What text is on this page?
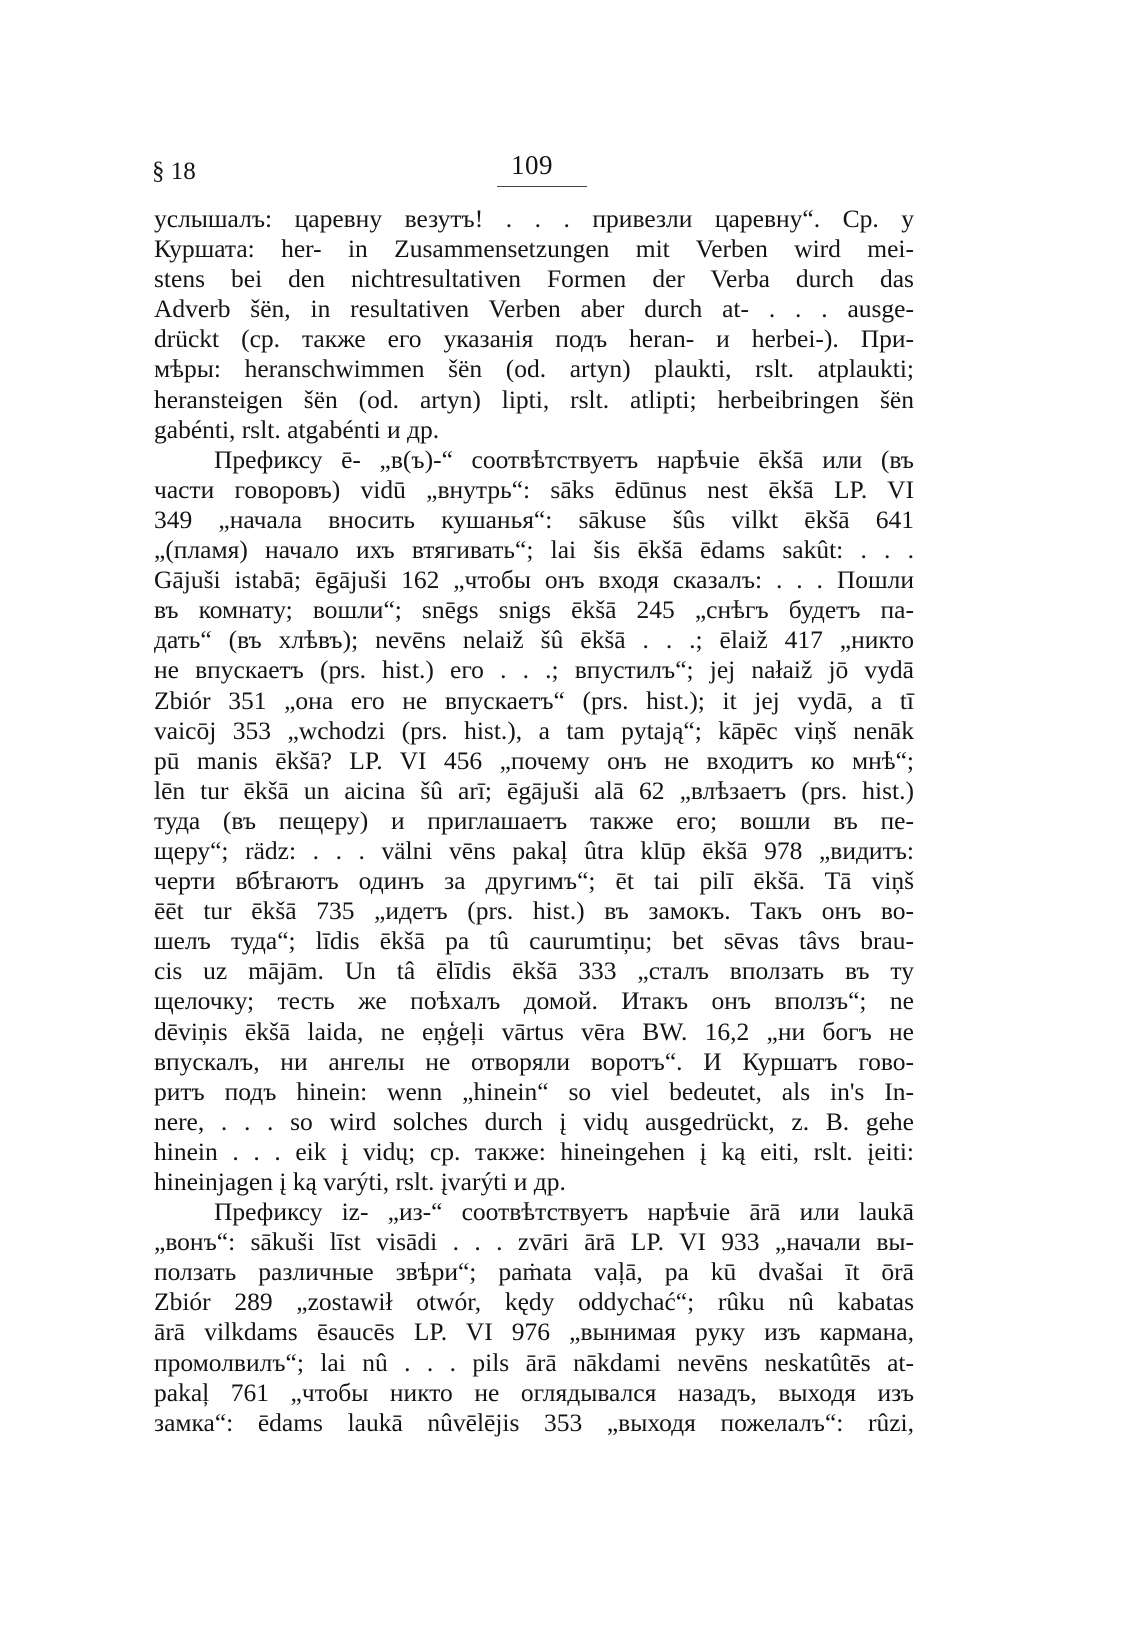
§ 18	109
услышалъ: царевну везутъ! . . . привезли царевну“. Ср. у
Куршата: her- in Zusammensetzungen mit Verben wird mei-
stens bei den nichtresultativen Formen der Verba durch das
Adverb šën, in resultativen Verben aber durch at- . . . ausge-
drückt (ср. также его указанія подъ heran- и herbei-). При-
мѣры: heranschwimmen šën (od. artyn) plaukti, rslt. atplaukti;
heransteigen šën (od. artyn) lipti, rslt. atlipti; herbeibringen šën
gabénti, rslt. atgabénti и др.
Префиксу ē- „в(ъ)-“ соотвѣтствуетъ нарѣчіе ēkšā или (въ
части говоровъ) vidū „внутрь“: sāks ēdūnus nest ēkšā LP. VI
349 „начала вносить кушанья“: sākuse šûs vilkt ēkšā 641
„(пламя) начало ихъ втягивать“; lai šis ēkšā ēdams sakût: . . .
Gājuši istabā; ēgājuši 162 „чтобы онъ входя сказалъ: . . . Пошли
въ комнату; вошли“; snēgs snigs ēkšā 245 „снѣгъ будетъ па-
дать“ (въ хлѣвъ); nevēns nelaiž šû ēkšā . . .; ēlaiž 417 „никто
не впускаетъ (prs. hist.) его . . .; впустилъ“; jej nałaiž jō vydā
Zbiór 351 „она его не впускаетъ“ (prs. hist.); it jej vydā, a tī
vaicōj 353 „wchodzi (prs. hist.), a tam pytają“; kāpēc viņš nenāk
pū manis ēkšā? LP. VI 456 „почему онъ не входитъ ко мнѣ“;
lēn tur ēkšā un aicina šû arī; ēgājuši alā 62 „влѣзаетъ (prs. hist.)
туда (въ пещеру) и приглашаетъ также его; вошли въ пе-
щеру“; rädz: . . . välni vēns pakaļ ûtra klūp ēkšā 978 „видитъ:
черти вбѣгаютъ одинъ за другимъ“; ēt tai pilī ēkšā. Tā viņš
ēēt tur ēkšā 735 „идетъ (prs. hist.) въ замокъ. Такъ онъ во-
шелъ туда“; līdis ēkšā pa tû caurumtiņu; bet sēvas tâvs brau-
cis uz mājām. Un tâ ēlīdis ēkšā 333 „сталъ вползать въ ту
щелочку; тесть же поѣхалъ домой. Итакъ онъ вползъ“; ne
dēviņis ēkšā laida, ne eņģeļi vārtus vēra BW. 16,2 „ни богъ не
впускалъ, ни ангелы не отворяли воротъ“. И Куршатъ гово-
ритъ подъ hinein: wenn „hinein“ so viel bedeutet, als in's In-
nere, . . . so wird solches durch į vidų ausgedrückt, z. B. gehe
hinein . . . eik į vidų; ср. также: hineingehen į ką eiti, rslt. įeiti:
hineinjagen į ką varýti, rslt. įvarýti и др.
Префиксу iz- „из-“ соотвѣтствуетъ нарѣчіе ārā или laukā
„вонъ“: sākuši līst visādi . . . zvāri ārā LP. VI 933 „начали вы-
ползать различные звѣри“; paṁata vaļā, pa kū dvašai īt ōrā
Zbiór 289 „zostawił otwór, kędy oddychać“; rûku nû kabatas
ārā vilkdams ēsaucēs LP. VI 976 „вынимая руку изъ кармана,
промолвилъ“; lai nû . . . pils ārā nākdami nevēns neskatûtēs at-
pakaļ 761 „чтобы никто не оглядывался назадъ, выходя изъ
замка“: ēdams laukā nûvēlējis 353 „выходя пожелалъ“: rûzi,
